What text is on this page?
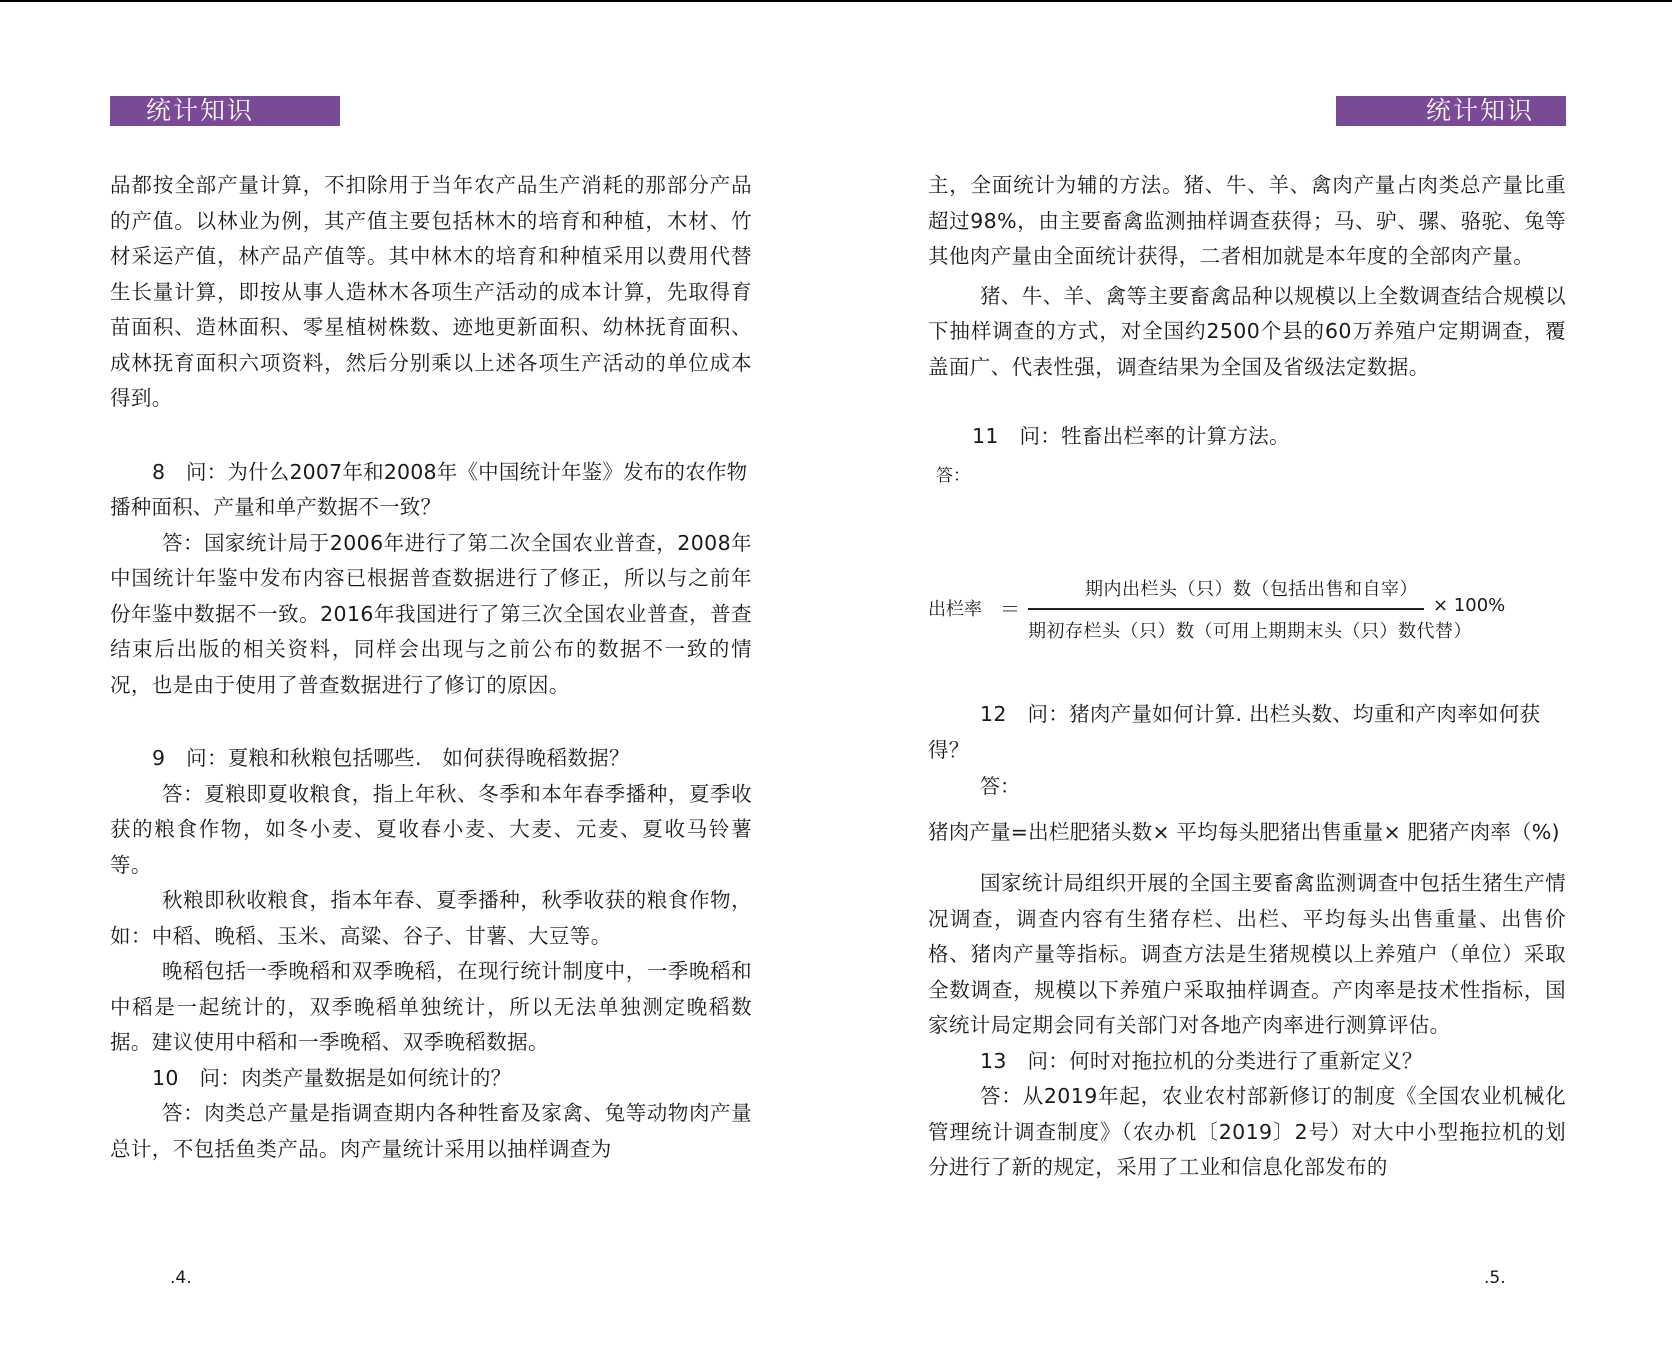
统计知识

品都按全部产量计算，不扣除用于当年农产品生产消耗的那部分产品的产值。以林业为例，其产值主要包括林木的培育和种植，木材、竹材采运产值，林产品产值等。其中林木的培育和种植采用以费用代替生长量计算，即按从事人造林木各项生产活动的成本计算，先取得育苗面积、造林面积、零星植树株数、迹地更新面积、幼林抚育面积、成林抚育面积六项资料，然后分别乘以上述各项生产活动的单位成本得到。

8　问：为什么2007年和2008年《中国统计年鉴》发布的农作物播种面积、产量和单产数据不一致？

答：国家统计局于2006年进行了第二次全国农业普查，2008年中国统计年鉴中发布内容已根据普查数据进行了修正，所以与之前年份年鉴中数据不一致。2016年我国进行了第三次全国农业普查，普查结束后出版的相关资料，同样会出现与之前公布的数据不一致的情况，也是由于使用了普查数据进行了修订的原因。

9　问：夏粮和秋粮包括哪些.　如何获得晚稻数据？

答：夏粮即夏收粮食，指上年秋、冬季和本年春季播种，夏季收获的粮食作物，如冬小麦、夏收春小麦、大麦、元麦、夏收马铃薯等。

秋粮即秋收粮食，指本年春、夏季播种，秋季收获的粮食作物，如：中稻、晚稻、玉米、高粱、谷子、甘薯、大豆等。

晚稻包括一季晚稻和双季晚稻，在现行统计制度中，一季晚稻和中稻是一起统计的，双季晚稻单独统计，所以无法单独测定晚稻数据。建议使用中稻和一季晚稻、双季晚稻数据。

10　问：肉类产量数据是如何统计的？

答：肉类总产量是指调查期内各种牲畜及家禽、兔等动物肉产量总计，不包括鱼类产品。肉产量统计采用以抽样调查为

.4.
统计知识

主，全面统计为辅的方法。猪、牛、羊、禽肉产量占肉类总产量比重超过98%，由主要畜禽监测抽样调查获得；马、驴、骡、骆驼、兔等其他肉产量由全面统计获得，二者相加就是本年度的全部肉产量。

猪、牛、羊、禽等主要畜禽品种以规模以上全数调查结合规模以下抽样调查的方式，对全国约2500个县的60万养殖户定期调查，覆盖面广、代表性强，调查结果为全国及省级法定数据。

11　问：牲畜出栏率的计算方法。

答：

出栏率 ＝
期内出栏头（只）数（包括出售和自宰）
期初存栏头（只）数（可用上期期末头（只）数代替）
× 100%

12　问：猪肉产量如何计算. 出栏头数、均重和产肉率如何获得？

答：

猪肉产量=出栏肥猪头数× 平均每头肥猪出售重量× 肥猪产肉率（%)

国家统计局组织开展的全国主要畜禽监测调查中包括生猪生产情况调查，调查内容有生猪存栏、出栏、平均每头出售重量、出售价格、猪肉产量等指标。调查方法是生猪规模以上养殖户（单位）采取全数调查，规模以下养殖户采取抽样调查。产肉率是技术性指标，国家统计局定期会同有关部门对各地产肉率进行测算评估。

13　问：何时对拖拉机的分类进行了重新定义？

答：从2019年起，农业农村部新修订的制度《全国农业机械化管理统计调查制度》（农办机〔2019〕2号）对大中小型拖拉机的划分进行了新的规定，采用了工业和信息化部发布的

.5.
